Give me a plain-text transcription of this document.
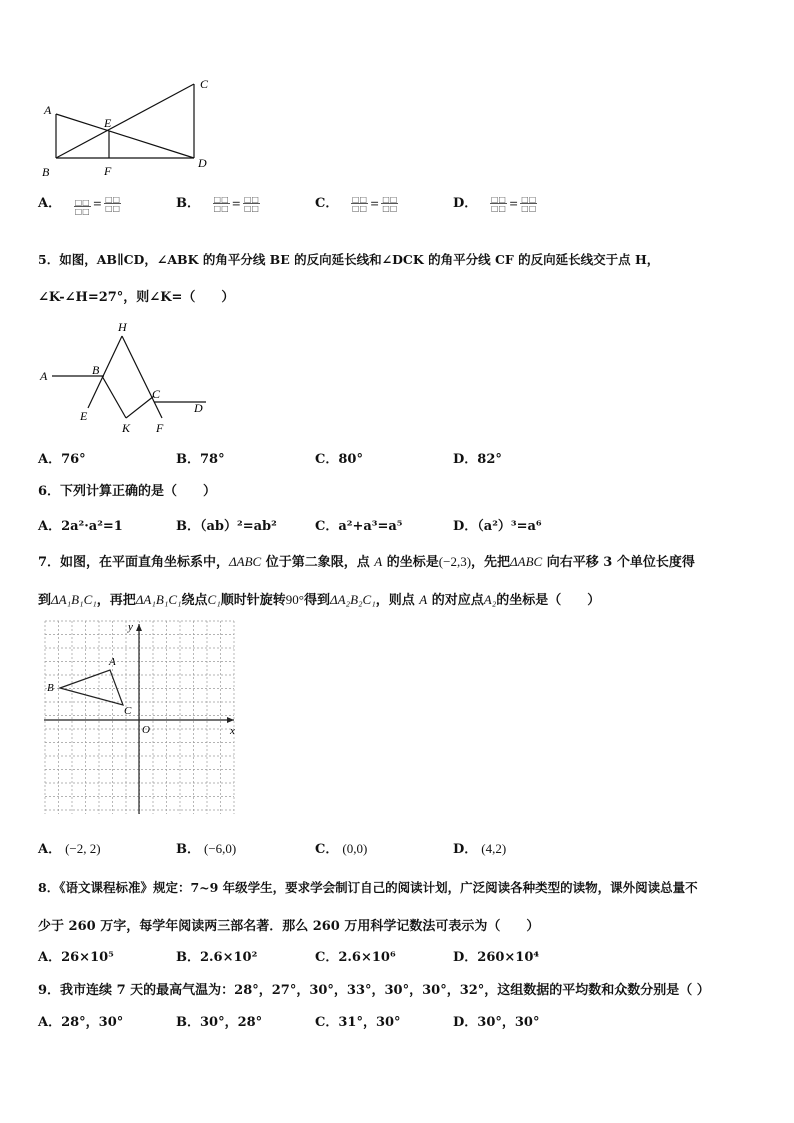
A
B
C
D
E
F
A． $\frac{□□}{□□} = \frac{□□}{□□}$	B． $\frac{□□}{□□} = \frac{□□}{□□}$	C． $\frac{□□}{□□} = \frac{□□}{□□}$	D． $\frac{□□}{□□} = \frac{□□}{□□}$
5．如图，AB∥CD，∠ABK 的角平分线 BE 的反向延长线和∠DCK 的角平分线 CF 的反向延长线交于点 H，
∠K-∠H=27°，则∠K=（　　）
H
A	B
E
K
C
F
D
A．76°	B．78°	C．80°	D．82°
6．下列计算正确的是（　　）
A．2a²·a²=1	B．（ab）²=ab²	C．a²+a³=a⁵	D．（a²）³=a⁶
7．如图，在平面直角坐标系中，ΔABC 位于第二象限，点 A 的坐标是(−2,3)，先把ΔABC 向右平移 3 个单位长度得
到ΔA₁B₁C₁，再把ΔA₁B₁C₁绕点C₁顺时针旋转90°得到ΔA₂B₂C₁，则点 A 的对应点A₂的坐标是（　　）
y
A
B
C
O	x
A． (−2, 2)	B． (−6,0)	C． (0,0)	D． (4,2)
8．《语文课程标准》规定：7~9 年级学生，要求学会制订自己的阅读计划，广泛阅读各种类型的读物，课外阅读总量不
少于 260 万字，每学年阅读两三部名著．那么 260 万用科学记数法可表示为（　　）
A．26×10⁵	B．2.6×10²	C．2.6×10⁶	D．260×10⁴
9．我市连续 7 天的最高气温为：28°，27°，30°，33°，30°，30°，32°，这组数据的平均数和众数分别是（ ）
A．28°，30°	B．30°，28°	C．31°，30°	D．30°，30°
